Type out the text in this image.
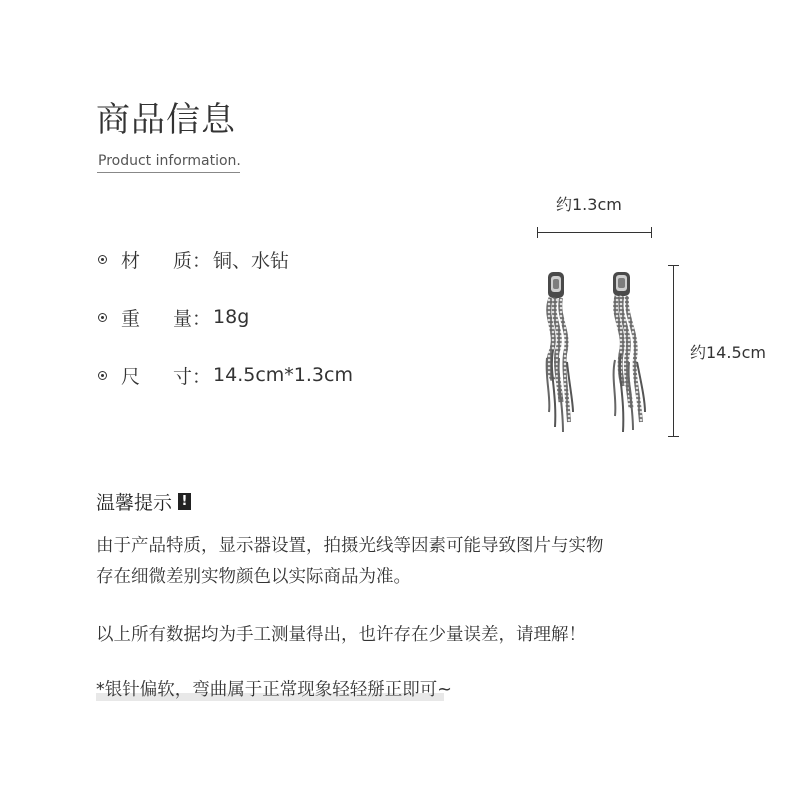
商品信息
Product information.
材	质 ： 铜、水钻
重	量 ： 18g
尺	寸 ： 14.5cm*1.3cm
约1.3cm
约14.5cm
温馨提示 !
由于产品特质，显示器设置，拍摄光线等因素可能导致图片与实物
存在细微差别实物颜色以实际商品为准。
以上所有数据均为手工测量得出，也许存在少量误差，请理解！
*银针偏软，弯曲属于正常现象轻轻掰正即可~
